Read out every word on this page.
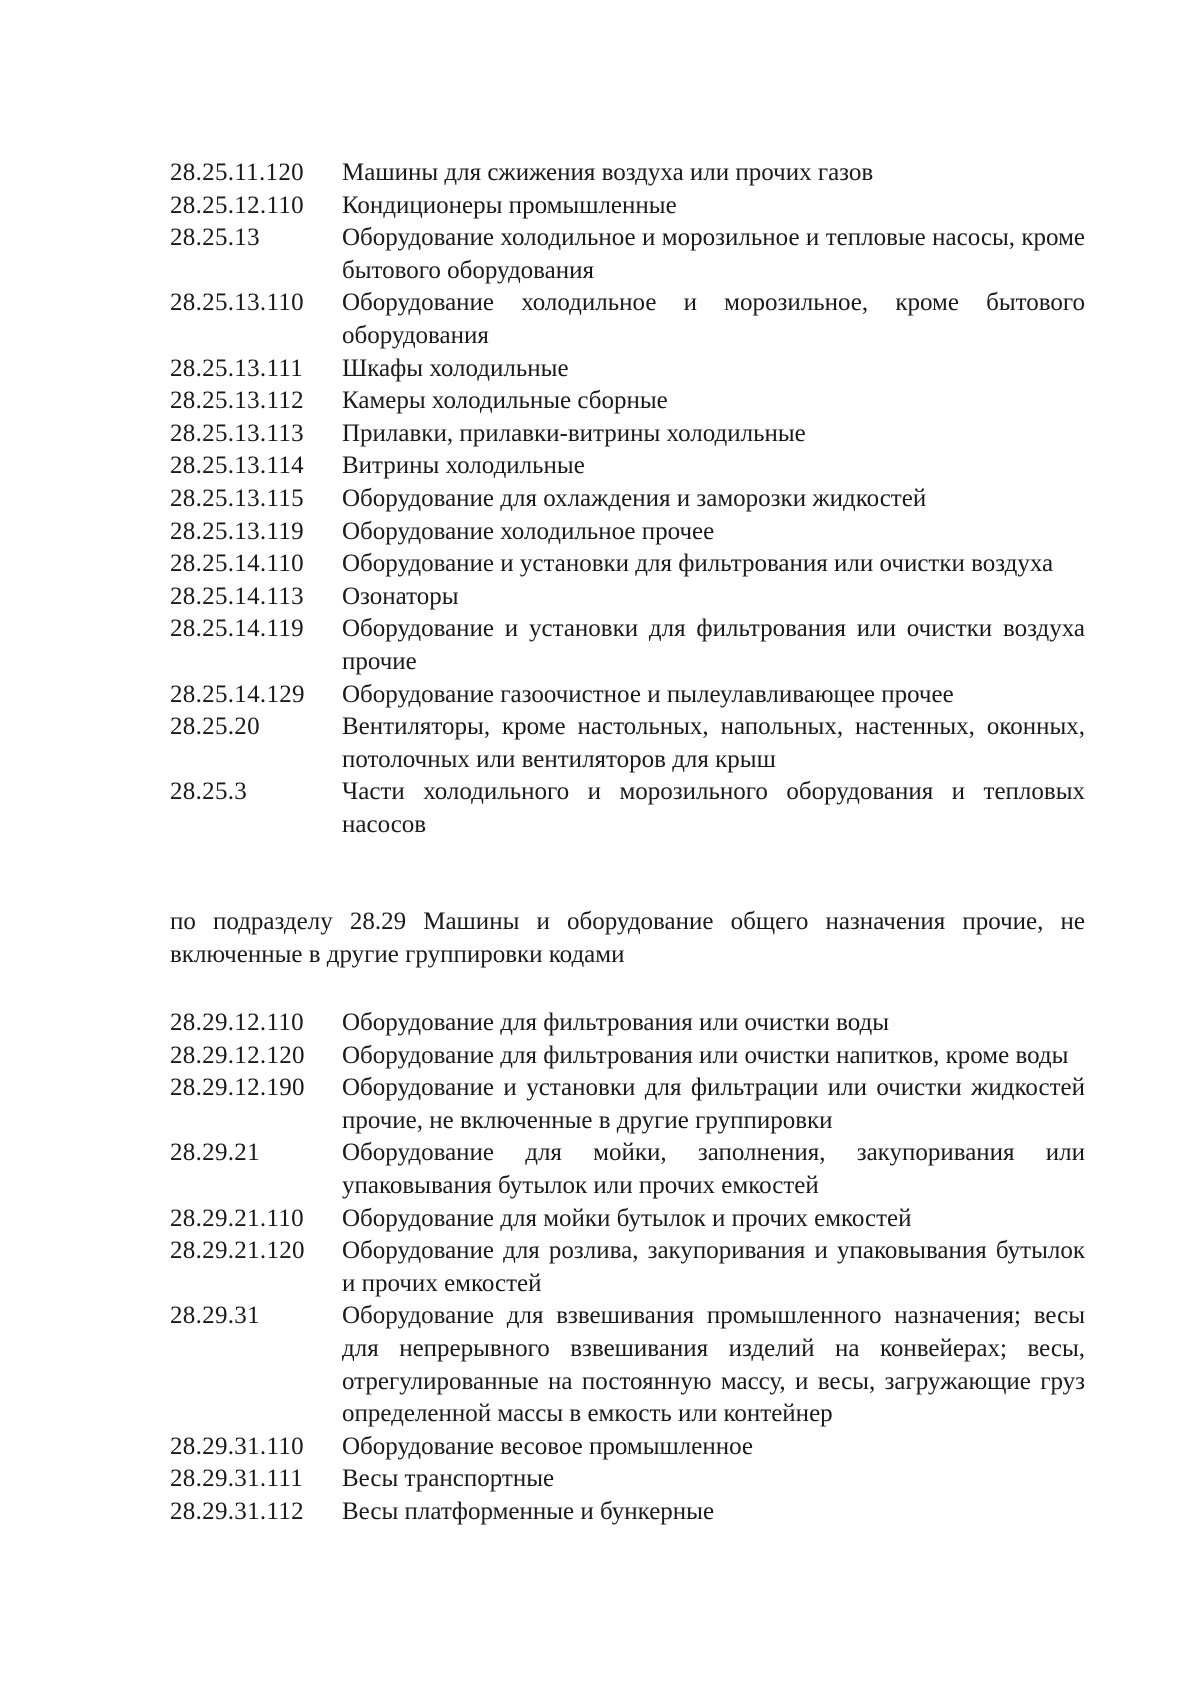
28.25.11.120	Машины для сжижения воздуха или прочих газов
28.25.12.110	Кондиционеры промышленные
28.25.13	Оборудование холодильное и морозильное и тепловые насосы, кроме бытового оборудования
28.25.13.110	Оборудование холодильное и морозильное, кроме бытового оборудования
28.25.13.111	Шкафы холодильные
28.25.13.112	Камеры холодильные сборные
28.25.13.113	Прилавки, прилавки-витрины холодильные
28.25.13.114	Витрины холодильные
28.25.13.115	Оборудование для охлаждения и заморозки жидкостей
28.25.13.119	Оборудование холодильное прочее
28.25.14.110	Оборудование и установки для фильтрования или очистки воздуха
28.25.14.113	Озонаторы
28.25.14.119	Оборудование и установки для фильтрования или очистки воздуха прочие
28.25.14.129	Оборудование газоочистное и пылеулавливающее прочее
28.25.20	Вентиляторы, кроме настольных, напольных, настенных, оконных, потолочных или вентиляторов для крыш
28.25.3	Части холодильного и морозильного оборудования и тепловых насосов
по подразделу 28.29 Машины и оборудование общего назначения прочие, не включенные в другие группировки кодами
28.29.12.110	Оборудование для фильтрования или очистки воды
28.29.12.120	Оборудование для фильтрования или очистки напитков, кроме воды
28.29.12.190	Оборудование и установки для фильтрации или очистки жидкостей прочие, не включенные в другие группировки
28.29.21	Оборудование для мойки, заполнения, закупоривания или упаковывания бутылок или прочих емкостей
28.29.21.110	Оборудование для мойки бутылок и прочих емкостей
28.29.21.120	Оборудование для розлива, закупоривания и упаковывания бутылок и прочих емкостей
28.29.31	Оборудование для взвешивания промышленного назначения; весы для непрерывного взвешивания изделий на конвейерах; весы, отрегулированные на постоянную массу, и весы, загружающие груз определенной массы в емкость или контейнер
28.29.31.110	Оборудование весовое промышленное
28.29.31.111	Весы транспортные
28.29.31.112	Весы платформенные и бункерные
